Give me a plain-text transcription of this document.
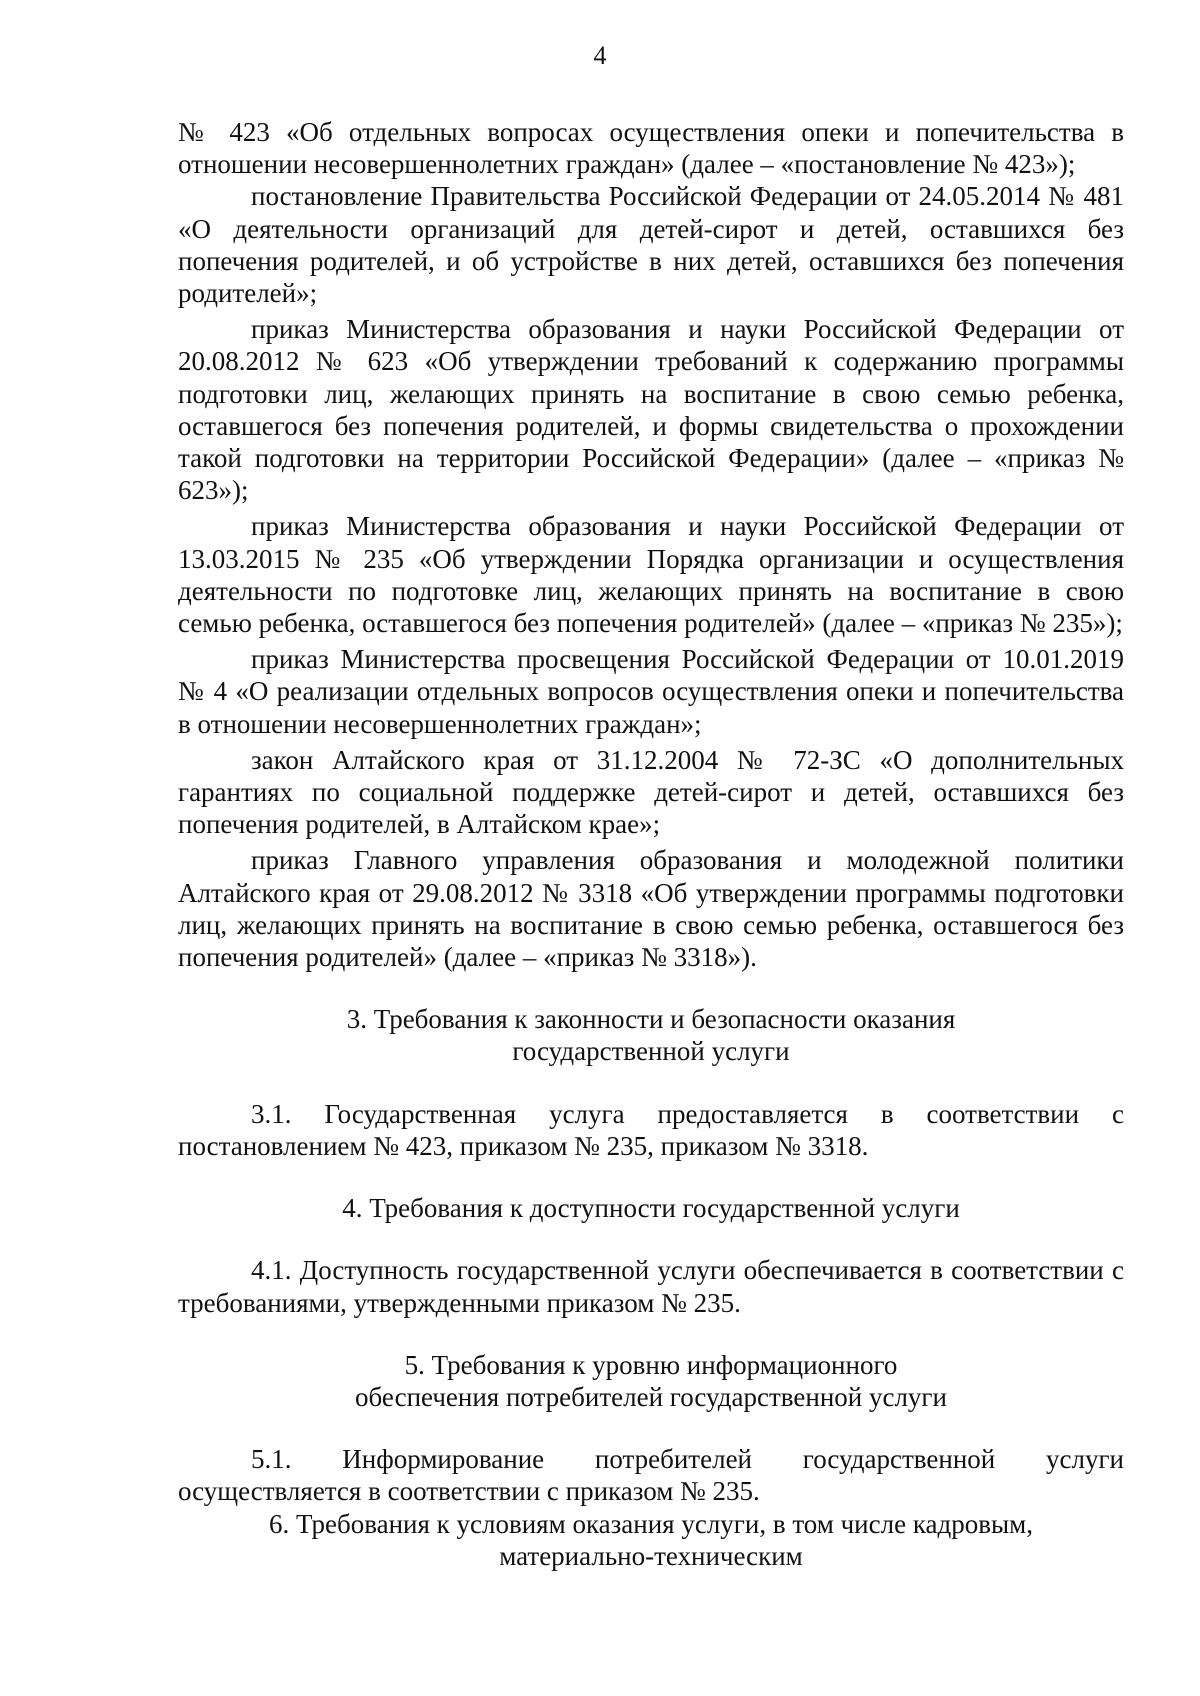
4

№ 423 «Об отдельных вопросах осуществления опеки и попечительства в отношении несовершеннолетних граждан» (далее – «постановление № 423»);

постановление Правительства Российской Федерации от 24.05.2014 № 481 «О деятельности организаций для детей-сирот и детей, оставшихся без попечения родителей, и об устройстве в них детей, оставшихся без попечения родителей»;

приказ Министерства образования и науки Российской Федерации от 20.08.2012 № 623 «Об утверждении требований к содержанию программы подготовки лиц, желающих принять на воспитание в свою семью ребенка, оставшегося без попечения родителей, и формы свидетельства о прохождении такой подготовки на территории Российской Федерации» (далее – «приказ № 623»);

приказ Министерства образования и науки Российской Федерации от 13.03.2015 № 235 «Об утверждении Порядка организации и осуществления деятельности по подготовке лиц, желающих принять на воспитание в свою семью ребенка, оставшегося без попечения родителей» (далее – «приказ № 235»);

приказ Министерства просвещения Российской Федерации от 10.01.2019 № 4 «О реализации отдельных вопросов осуществления опеки и попечительства в отношении несовершеннолетних граждан»;

закон Алтайского края от 31.12.2004 № 72-ЗС «О дополнительных гарантиях по социальной поддержке детей-сирот и детей, оставшихся без попечения родителей, в Алтайском крае»;

приказ Главного управления образования и молодежной политики Алтайского края от 29.08.2012 № 3318 «Об утверждении программы подготовки лиц, желающих принять на воспитание в свою семью ребенка, оставшегося без попечения родителей» (далее – «приказ № 3318»).

3. Требования к законности и безопасности оказания
государственной услуги

3.1. Государственная услуга предоставляется в соответствии с постановлением № 423, приказом № 235, приказом № 3318.

4. Требования к доступности государственной услуги

4.1. Доступность государственной услуги обеспечивается в соответствии с требованиями, утвержденными приказом № 235.

5. Требования к уровню информационного
обеспечения потребителей государственной услуги

5.1. Информирование потребителей государственной услуги осуществляется в соответствии с приказом № 235.

6. Требования к условиям оказания услуги, в том числе кадровым,
материально-техническим
